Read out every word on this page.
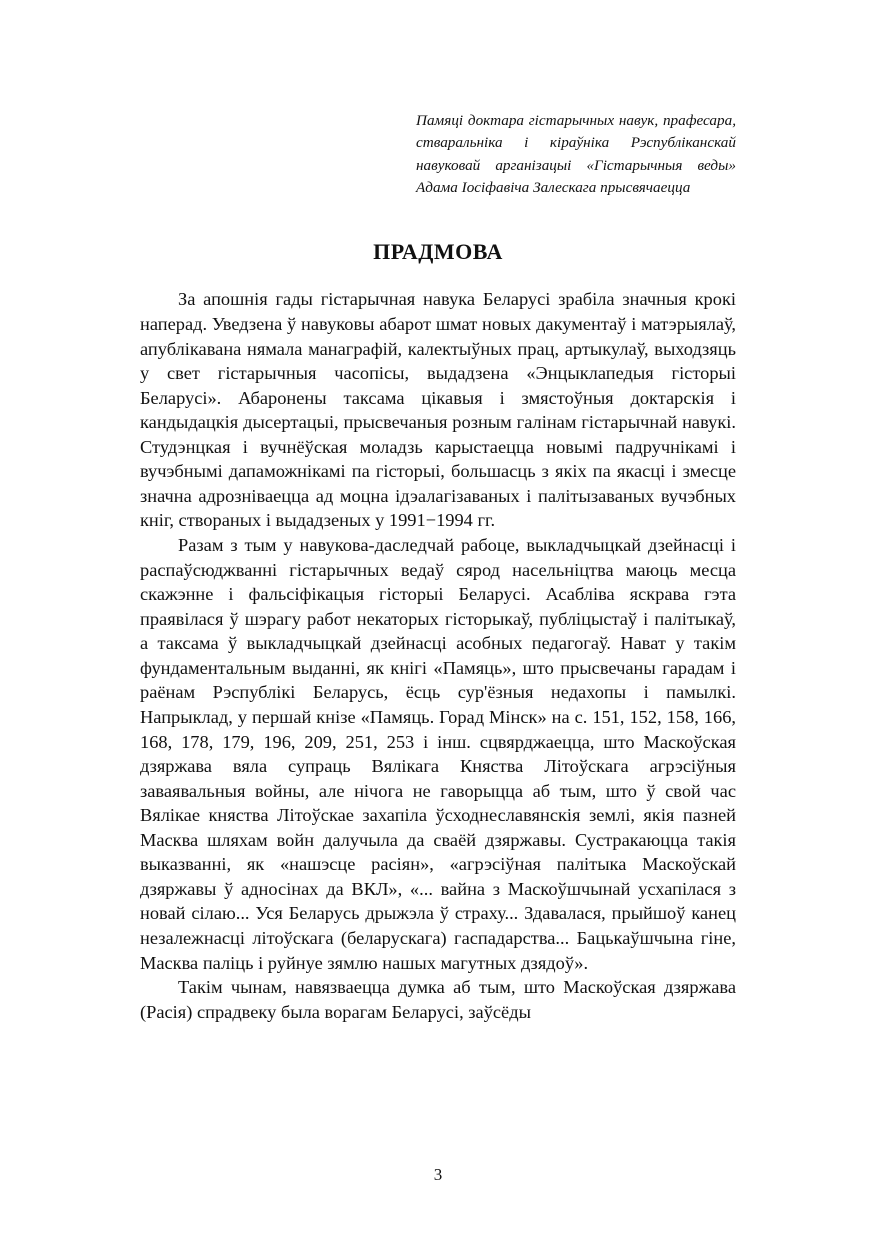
Памяці доктара гістарычных навук, прафесара, стваральніка і кіраўніка Рэспубліканскай навуковай арганізацыі «Гістарычныя веды» Адама Іосіфавіча Залескага прысвячаецца
ПРАДМОВА

За апошнія гады гістарычная навука Беларусі зрабіла значныя крокі наперад. Уведзена ў навуковы абарот шмат новых дакументаў і матэрыялаў, апублікавана нямала манаграфій, калектыўных прац, артыкулаў, выходзяць у свет гістарычныя часопісы, выдадзена «Энцыклапедыя гісторыі Беларусі». Абаронены таксама цікавыя і змястоўныя доктарскія і кандыдацкія дысертацыі, прысвечаныя розным галінам гістарычнай навукі. Студэнцкая і вучнёўская моладзь карыстаецца новымі падручнікамі і вучэбнымі дапаможнікамі па гісторыі, большасць з якіх па якасці і змесце значна адрозніваецца ад моцна ідэалагізаваных і палітызаваных вучэбных кніг, створаных і выдадзеных у 1991−1994 гг.

Разам з тым у навукова-даследчай рабоце, выкладчыцкай дзейнасці і распаўсюджванні гістарычных ведаў сярод насельніцтва маюць месца скажэнне і фальсіфікацыя гісторыі Беларусі. Асабліва яскрава гэта праявілася ў шэрагу работ некаторых гісторыкаў, публіцыстаў і палітыкаў, а таксама ў выкладчыцкай дзейнасці асобных педагогаў. Нават у такім фундаментальным выданні, як кнігі «Памяць», што прысвечаны гарадам і раёнам Рэспублікі Беларусь, ёсць сур'ёзныя недахопы і памылкі. Напрыклад, у першай кнізе «Памяць. Горад Мінск» на с. 151, 152, 158, 166, 168, 178, 179, 196, 209, 251, 253 і інш. сцвярджаецца, што Маскоўская дзяржава вяла супраць Вялікага Княства Літоўскага агрэсіўныя заваявальныя войны, але нічога не гаворыцца аб тым, што ў свой час Вялікае княства Літоўскае захапіла ўсходнеславянскія землі, якія пазней Масква шляхам войн далучыла да сваёй дзяржавы. Сустракаюцца такія выказванні, як «нашэсце расіян», «агрэсіўная палітыка Маскоўскай дзяржавы ў адносінах да ВКЛ», «... вайна з Маскоўшчынай усхапілася з новай сілаю... Уся Беларусь дрыжэла ў страху... Здавалася, прыйшоў канец незалежнасці літоўскага (беларускага) гаспадарства... Бацькаўшчына гіне, Масква паліць і руйнуе зямлю нашых магутных дзядоў».

Такім чынам, навязваецца думка аб тым, што Маскоўская дзяржава (Расія) спрадвеку была ворагам Беларусі, заўсёды

3
